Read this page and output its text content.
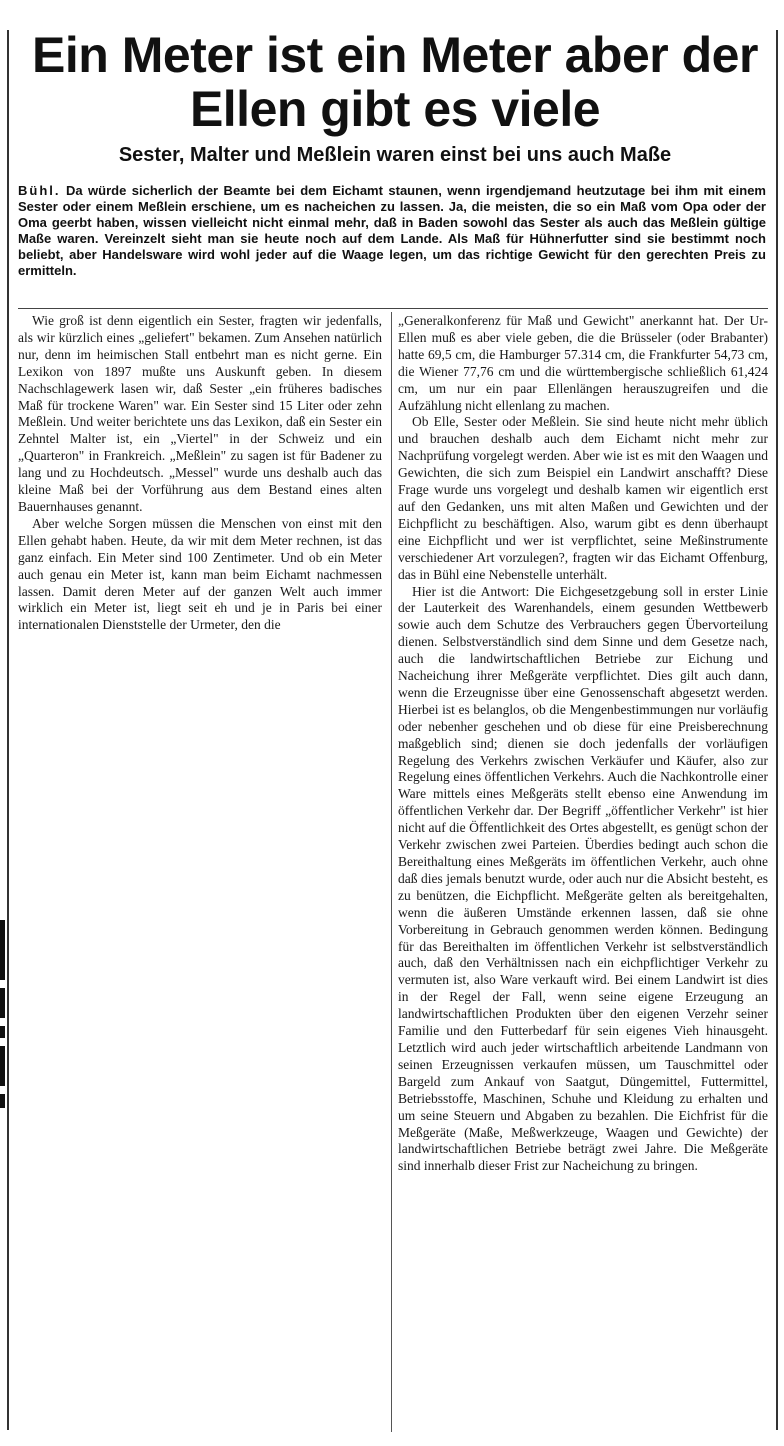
Ein Meter ist ein Meter aber der Ellen gibt es viele
Sester, Malter und Meßlein waren einst bei uns auch Maße

Bühl. Da würde sicherlich der Beamte bei dem Eichamt staunen, wenn irgendjemand heutzutage bei ihm mit einem Sester oder einem Meßlein erschiene, um es nacheichen zu lassen. Ja, die meisten, die so ein Maß vom Opa oder der Oma geerbt haben, wissen vielleicht nicht einmal mehr, daß in Baden sowohl das Sester als auch das Meßlein gültige Maße waren. Vereinzelt sieht man sie heute noch auf dem Lande. Als Maß für Hühnerfutter sind sie bestimmt noch beliebt, aber Handelsware wird wohl jeder auf die Waage legen, um das richtige Gewicht für den gerechten Preis zu ermitteln.

Wie groß ist denn eigentlich ein Sester, fragten wir jedenfalls, als wir kürzlich eines „geliefert" bekamen. Zum Ansehen natürlich nur, denn im heimischen Stall entbehrt man es nicht gerne. Ein Lexikon von 1897 mußte uns Auskunft geben. In diesem Nachschlagewerk lasen wir, daß Sester „ein früheres badisches Maß für trockene Waren" war. Ein Sester sind 15 Liter oder zehn Meßlein. Und weiter berichtete uns das Lexikon, daß ein Sester ein Zehntel Malter ist, ein „Viertel" in der Schweiz und ein „Quarteron" in Frankreich. „Meßlein" zu sagen ist für Badener zu lang und zu Hochdeutsch. „Messel" wurde uns deshalb auch das kleine Maß bei der Vorführung aus dem Bestand eines alten Bauernhauses genannt.

Aber welche Sorgen müssen die Menschen von einst mit den Ellen gehabt haben. Heute, da wir mit dem Meter rechnen, ist das ganz einfach. Ein Meter sind 100 Zentimeter. Und ob ein Meter auch genau ein Meter ist, kann man beim Eichamt nachmessen lassen. Damit deren Meter auf der ganzen Welt auch immer wirklich ein Meter ist, liegt seit eh und je in Paris bei einer internationalen Dienststelle der Urmeter, den die

„Generalkonferenz für Maß und Gewicht" anerkannt hat. Der Ur-Ellen muß es aber viele geben, die die Brüsseler (oder Brabanter) hatte 69,5 cm, die Hamburger 57.314 cm, die Frankfurter 54,73 cm, die Wiener 77,76 cm und die württembergische schließlich 61,424 cm, um nur ein paar Ellenlängen herauszugreifen und die Aufzählung nicht ellenlang zu machen.

Ob Elle, Sester oder Meßlein. Sie sind heute nicht mehr üblich und brauchen deshalb auch dem Eichamt nicht mehr zur Nachprüfung vorgelegt werden. Aber wie ist es mit den Waagen und Gewichten, die sich zum Beispiel ein Landwirt anschafft? Diese Frage wurde uns vorgelegt und deshalb kamen wir eigentlich erst auf den Gedanken, uns mit alten Maßen und Gewichten und der Eichpflicht zu beschäftigen. Also, warum gibt es denn überhaupt eine Eichpflicht und wer ist verpflichtet, seine Meßinstrumente verschiedener Art vorzulegen?, fragten wir das Eichamt Offenburg, das in Bühl eine Nebenstelle unterhält.

Hier ist die Antwort: Die Eichgesetzgebung soll in erster Linie der Lauterkeit des Warenhandels, einem gesunden Wettbewerb sowie auch dem Schutze des Verbrauchers gegen Übervorteilung dienen. Selbstverständlich sind dem Sinne und dem Gesetze nach, auch die landwirtschaftlichen Betriebe zur Eichung und Nacheichung ihrer Meßgeräte verpflichtet. Dies gilt auch dann, wenn die Erzeugnisse über eine Genossenschaft abgesetzt werden. Hierbei ist es belanglos, ob die Mengenbestimmungen nur vorläufig oder nebenher geschehen und ob diese für eine Preisberechnung maßgeblich sind; dienen sie doch jedenfalls der vorläufigen Regelung des Verkehrs zwischen Verkäufer und Käufer, also zur Regelung eines öffentlichen Verkehrs. Auch die Nachkontrolle einer Ware mittels eines Meßgeräts stellt ebenso eine Anwendung im öffentlichen Verkehr dar. Der Begriff „öffentlicher Verkehr" ist hier nicht auf die Öffentlichkeit des Ortes abgestellt, es genügt schon der Verkehr zwischen zwei Parteien. Überdies bedingt auch schon die Bereithaltung eines Meßgeräts im öffentlichen Verkehr, auch ohne daß dies jemals benutzt wurde, oder auch nur die Absicht besteht, es zu benützen, die Eichpflicht. Meßgeräte gelten als bereitgehalten, wenn die äußeren Umstände erkennen lassen, daß sie ohne Vorbereitung in Gebrauch genommen werden können. Bedingung für das Bereithalten im öffentlichen Verkehr ist selbstverständlich auch, daß den Verhältnissen nach ein eichpflichtiger Verkehr zu vermuten ist, also Ware verkauft wird. Bei einem Landwirt ist dies in der Regel der Fall, wenn seine eigene Erzeugung an landwirtschaftlichen Produkten über den eigenen Verzehr seiner Familie und den Futterbedarf für sein eigenes Vieh hinausgeht. Letztlich wird auch jeder wirtschaftlich arbeitende Landmann von seinen Erzeugnissen verkaufen müssen, um Tauschmittel oder Bargeld zum Ankauf von Saatgut, Düngemittel, Futtermittel, Betriebsstoffe, Maschinen, Schuhe und Kleidung zu erhalten und um seine Steuern und Abgaben zu bezahlen. Die Eichfrist für die Meßgeräte (Maße, Meßwerkzeuge, Waagen und Gewichte) der landwirtschaftlichen Betriebe beträgt zwei Jahre. Die Meßgeräte sind innerhalb dieser Frist zur Nacheichung zu bringen.
